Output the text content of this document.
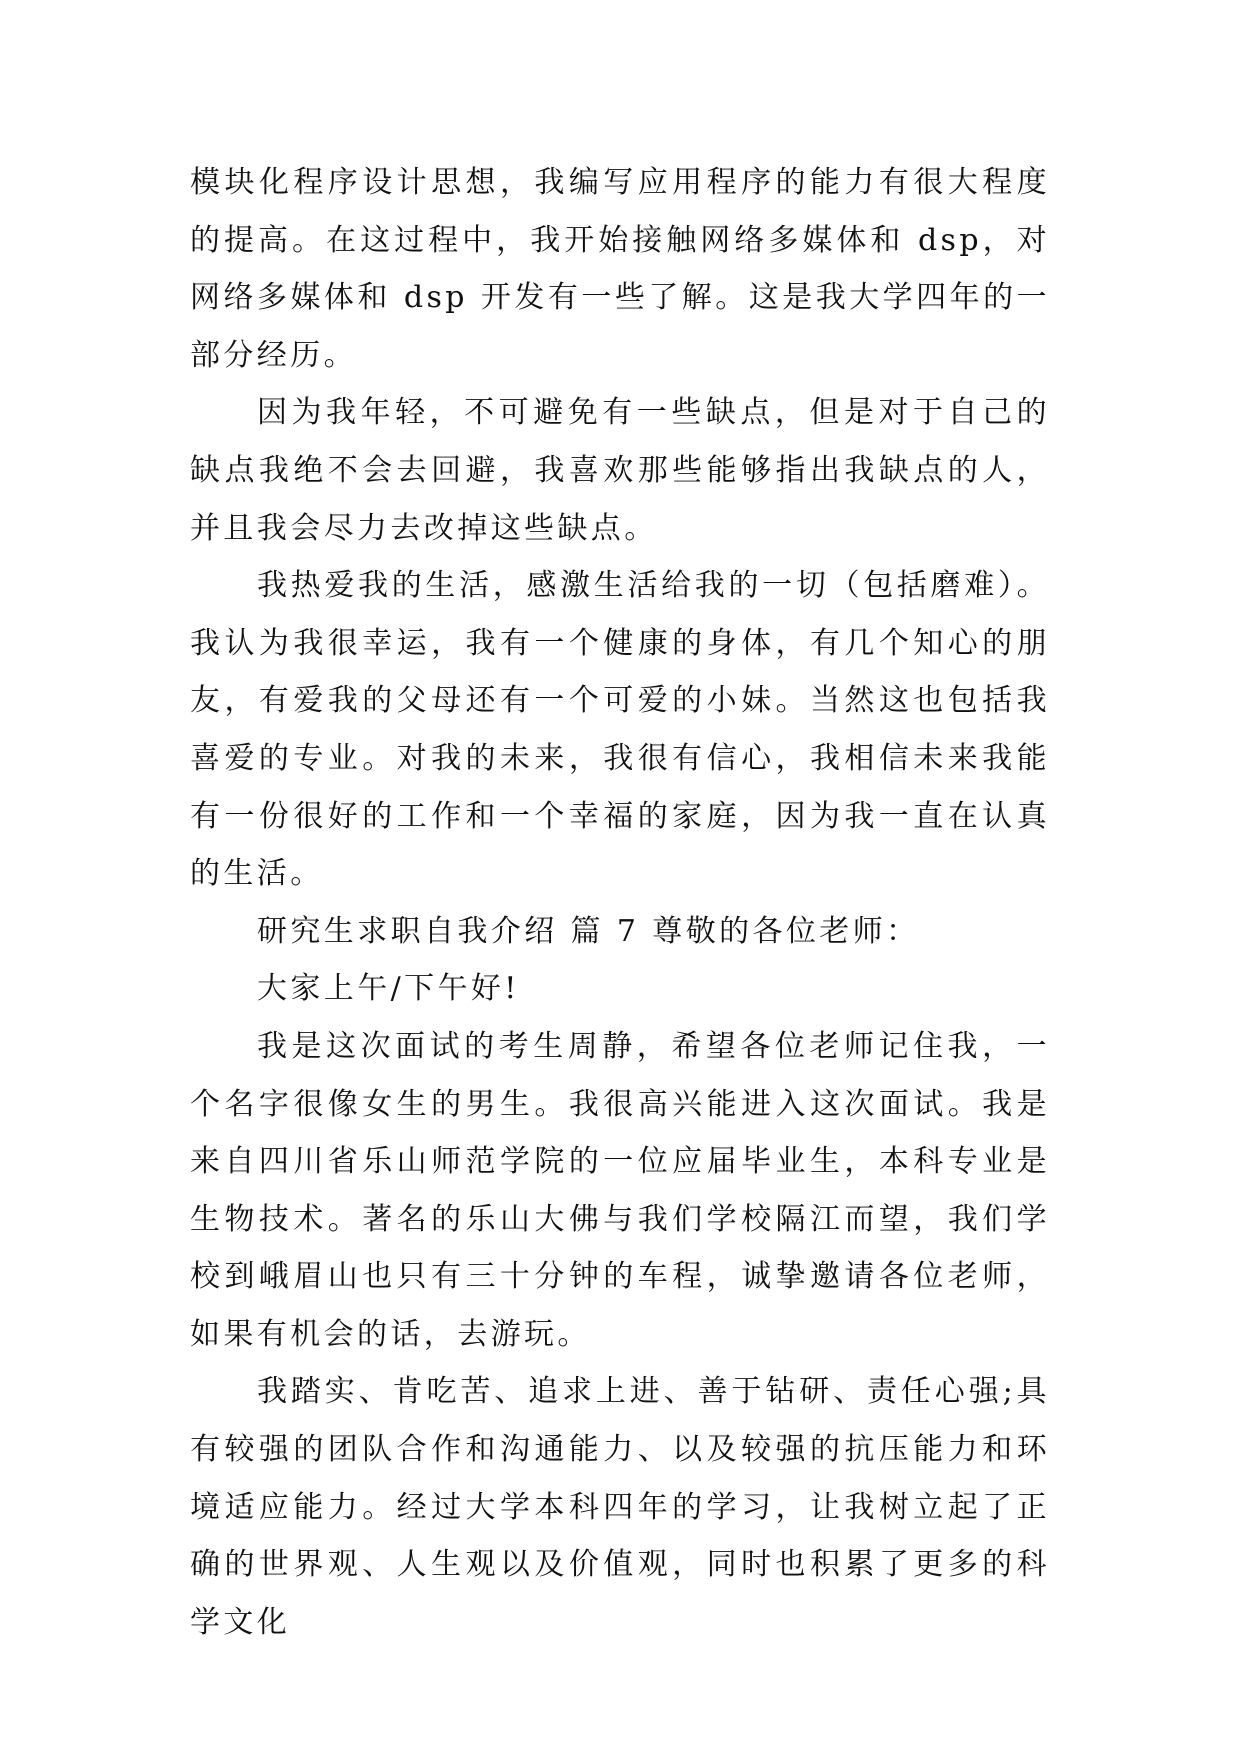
模块化程序设计思想，我编写应用程序的能力有很大程度的提高。在这过程中，我开始接触网络多媒体和 dsp，对网络多媒体和 dsp 开发有一些了解。这是我大学四年的一部分经历。

因为我年轻，不可避免有一些缺点，但是对于自己的缺点我绝不会去回避，我喜欢那些能够指出我缺点的人，并且我会尽力去改掉这些缺点。

我热爱我的生活，感激生活给我的一切（包括磨难）。我认为我很幸运，我有一个健康的身体，有几个知心的朋友，有爱我的父母还有一个可爱的小妹。当然这也包括我喜爱的专业。对我的未来，我很有信心，我相信未来我能有一份很好的工作和一个幸福的家庭，因为我一直在认真的生活。

研究生求职自我介绍 篇 7 尊敬的各位老师：

大家上午/下午好!

我是这次面试的考生周静，希望各位老师记住我，一个名字很像女生的男生。我很高兴能进入这次面试。我是来自四川省乐山师范学院的一位应届毕业生，本科专业是生物技术。著名的乐山大佛与我们学校隔江而望，我们学校到峨眉山也只有三十分钟的车程，诚挚邀请各位老师，如果有机会的话，去游玩。

我踏实、肯吃苦、追求上进、善于钻研、责任心强;具有较强的团队合作和沟通能力、以及较强的抗压能力和环境适应能力。经过大学本科四年的学习，让我树立起了正确的世界观、人生观以及价值观，同时也积累了更多的科学文化
